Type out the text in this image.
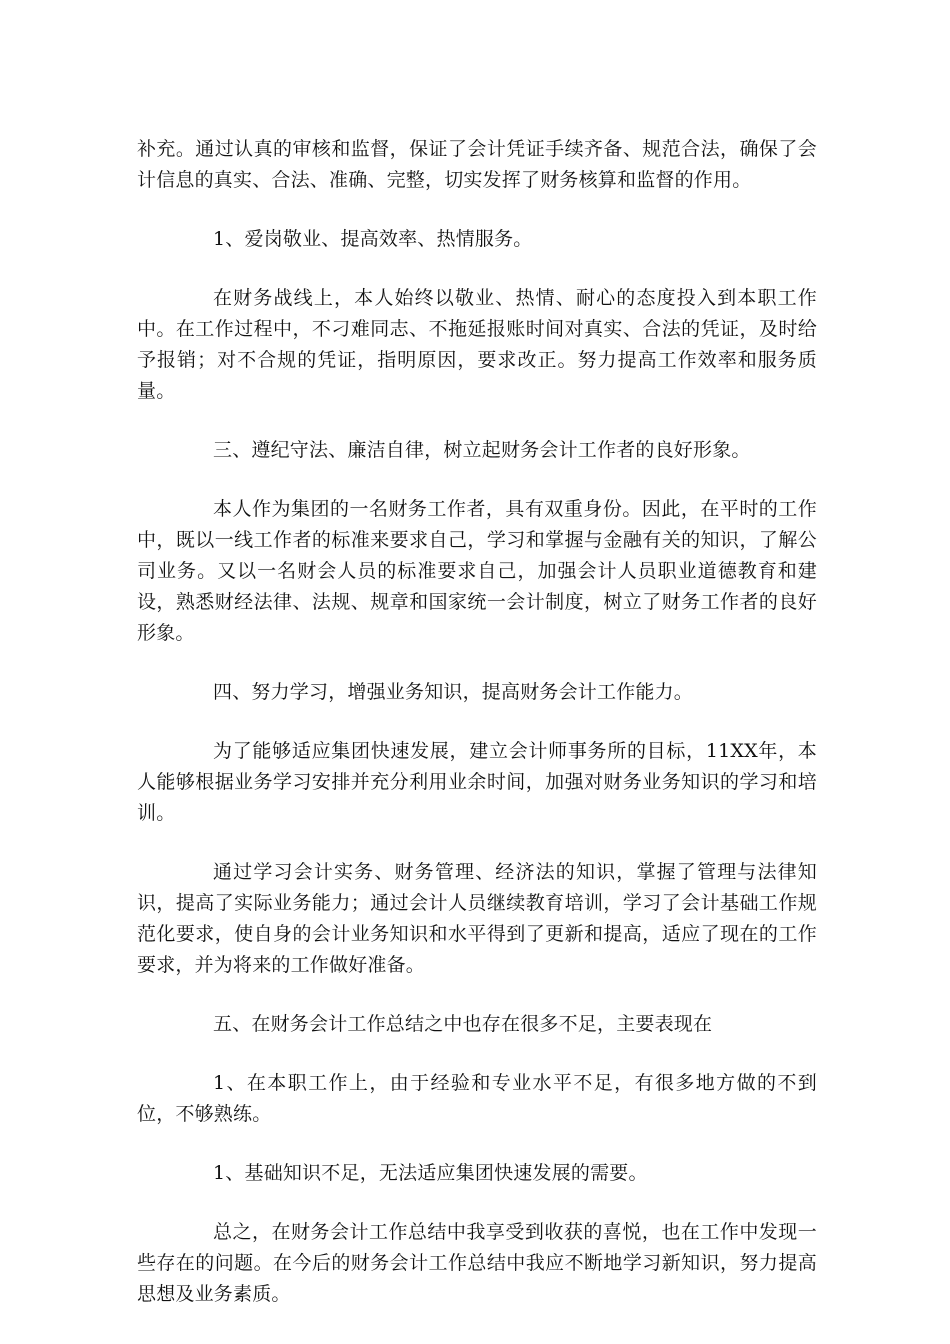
补充。通过认真的审核和监督，保证了会计凭证手续齐备、规范合法，确保了会计信息的真实、合法、准确、完整，切实发挥了财务核算和监督的作用。

1、爱岗敬业、提高效率、热情服务。

在财务战线上，本人始终以敬业、热情、耐心的态度投入到本职工作中。在工作过程中，不刁难同志、不拖延报账时间对真实、合法的凭证，及时给予报销；对不合规的凭证，指明原因，要求改正。努力提高工作效率和服务质量。

三、遵纪守法、廉洁自律，树立起财务会计工作者的良好形象。

本人作为集团的一名财务工作者，具有双重身份。因此，在平时的工作中，既以一线工作者的标准来要求自己，学习和掌握与金融有关的知识，了解公司业务。又以一名财会人员的标准要求自己，加强会计人员职业道德教育和建设，熟悉财经法律、法规、规章和国家统一会计制度，树立了财务工作者的良好形象。

四、努力学习，增强业务知识，提高财务会计工作能力。

为了能够适应集团快速发展，建立会计师事务所的目标，11XX年，本人能够根据业务学习安排并充分利用业余时间，加强对财务业务知识的学习和培训。

通过学习会计实务、财务管理、经济法的知识，掌握了管理与法律知识，提高了实际业务能力；通过会计人员继续教育培训，学习了会计基础工作规范化要求，使自身的会计业务知识和水平得到了更新和提高，适应了现在的工作要求，并为将来的工作做好准备。

五、在财务会计工作总结之中也存在很多不足，主要表现在

1、在本职工作上，由于经验和专业水平不足，有很多地方做的不到位，不够熟练。

1、基础知识不足，无法适应集团快速发展的需要。

总之，在财务会计工作总结中我享受到收获的喜悦，也在工作中发现一些存在的问题。在今后的财务会计工作总结中我应不断地学习新知识，努力提高思想及业务素质。
